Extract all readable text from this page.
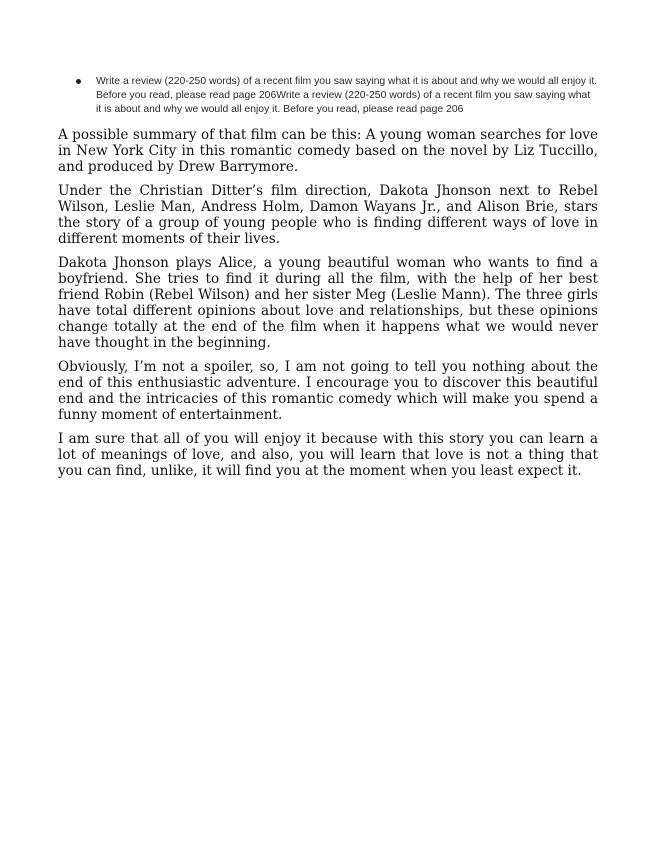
Write a review (220-250 words) of a recent film you saw saying what it is about and why we would all enjoy it. Before you read, please read page 206Write a review (220-250 words) of a recent film you saw saying what it is about and why we would all enjoy it. Before you read, please read page 206

A possible summary of that film can be this: A young woman searches for love in New York City in this romantic comedy based on the novel by Liz Tuccillo, and produced by Drew Barrymore.

Under the Christian Ditter’s film direction, Dakota Jhonson next to Rebel Wilson, Leslie Man, Andress Holm, Damon Wayans Jr., and Alison Brie, stars the story of a group of young people who is finding different ways of love in different moments of their lives.

Dakota Jhonson plays Alice, a young beautiful woman who wants to find a boyfriend. She tries to find it during all the film, with the help of her best friend Robin (Rebel Wilson) and her sister Meg (Leslie Mann). The three girls have total different opinions about love and relationships, but these opinions change totally at the end of the film when it happens what we would never have thought in the beginning.

Obviously, I’m not a spoiler, so, I am not going to tell you nothing about the end of this enthusiastic adventure. I encourage you to discover this beautiful end and the intricacies of this romantic comedy which will make you spend a funny moment of entertainment.

I am sure that all of you will enjoy it because with this story you can learn a lot of meanings of love, and also, you will learn that love is not a thing that you can find, unlike, it will find you at the moment when you least expect it.
